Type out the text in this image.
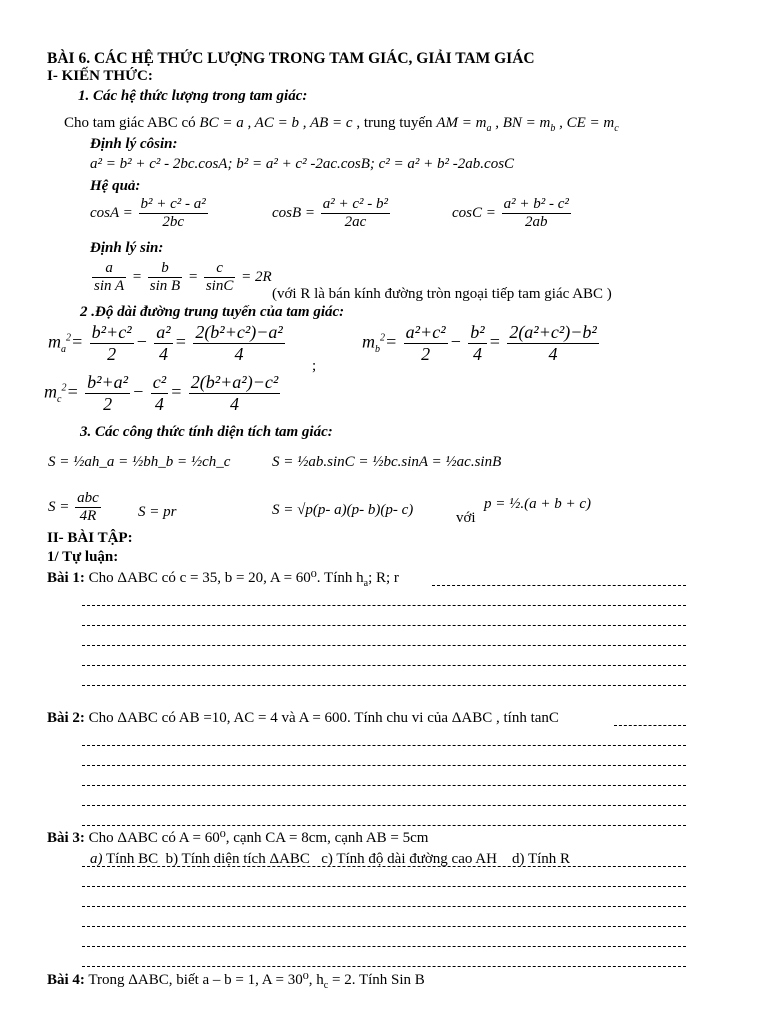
BÀI 6. CÁC HỆ THỨC LƯỢNG TRONG TAM GIÁC, GIẢI TAM GIÁC
I- KIẾN THỨC:
1. Các hệ thức lượng trong tam giác:
Cho tam giác ABC có BC = a , AC = b , AB = c , trung tuyến AM = $m_a$ , BN = $m_b$ , CE = $m_c$
Định lý côsin:
a² = b² + c² - 2bc.cosA; b² = a² + c² -2ac.cosB; c² = a² + b² -2ab.cosC
Hệ quả:
$\cos A = \frac{\text{b² + c² - a²}}{2bc}$	$\cos B = \frac{\text{a² + c² - b²}}{2ac}$	$\cos C = \frac{\text{a² + b² - c²}}{2ab}$
Định lý sin:
$\frac{a}{\text{sin A}} = \frac{b}{\text{sin B}} = \frac{c}{\sin C} = 2R$
(với R là bán kính đường tròn ngoại tiếp tam giác ABC )
2 .Độ dài đường trung tuyến của tam giác:
$m_a^2= \frac{\text{b²+c²}}{2} - \frac{\text{a²}}{4} = \frac{\text{2(b²+c²)−a²}}{4}$
;
$m_b^2= \frac{\text{a²+c²}}{2} - \frac{\text{b²}}{4} = \frac{\text{2(a²+c²)−b²}}{4}$
$m_c^2= \frac{\text{b²+a²}}{2} - \frac{\text{c²}}{4} = \frac{\text{2(b²+a²)−c²}}{4}$
3. Các công thức tính diện tích tam giác:
S = ½ah_a = ½bh_b = ½ch_c	S = ½ab.sinC = ½bc.sinA = ½ac.sinB
$S = \frac{\text{abc}}{4R}$ S = pr	S = √p(p- a)(p- b)(p- c)	với
p = ½.(a + b + c)
II- BÀI TẬP:
1/ Tự luận:
Bài 1: Cho ΔABC có c = 35, b = 20, A = 60⁰. Tính $h_a$; R; r
Bài 2: Cho ΔABC có AB =10, AC = 4 và A = 600. Tính chu vi của ΔABC , tính tanC
Bài 3: Cho ΔABC có A = 60⁰, cạnh CA = 8cm, cạnh AB = 5cm
a) Tính BC b) Tính diện tích ΔABC c) Tính độ dài đường cao AH d) Tính R
Bài 4: Trong ΔABC, biết a – b = 1, A = 30⁰, $h_c = 2$. Tính Sin B
